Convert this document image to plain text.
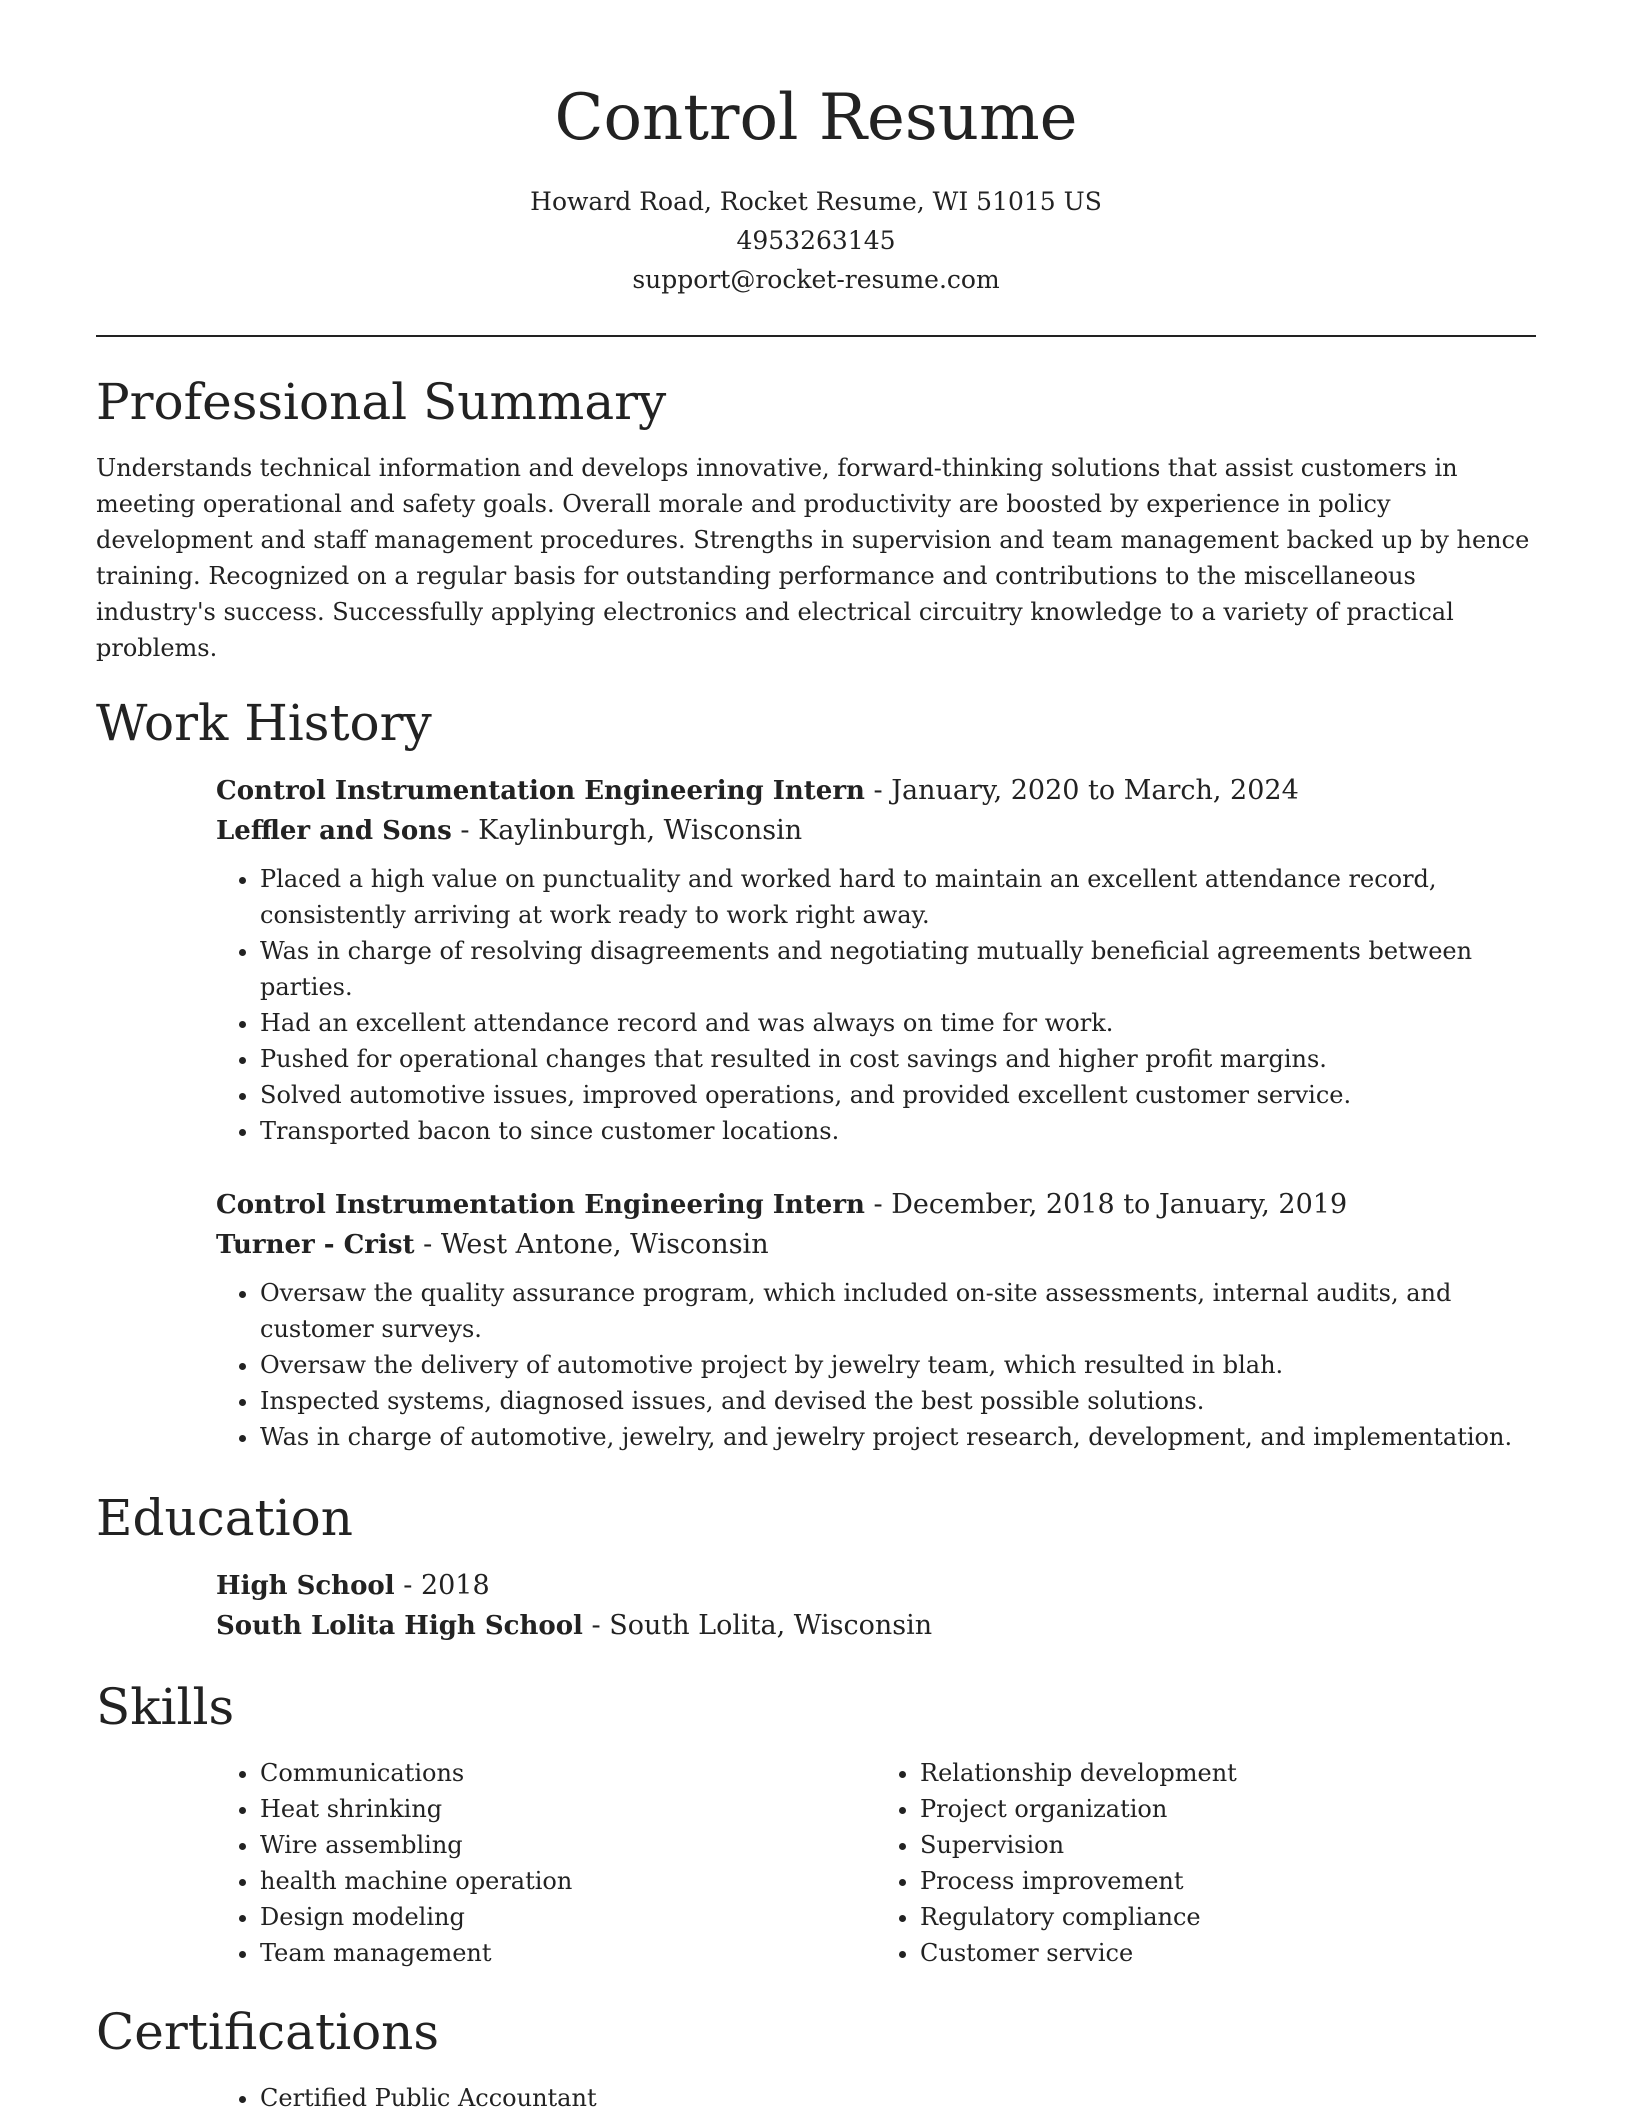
Control Resume

Howard Road, Rocket Resume, WI 51015 US

4953263145

support@rocket-resume.com

Professional Summary

Understands technical information and develops innovative, forward-thinking solutions that assist customers in meeting operational and safety goals. Overall morale and productivity are boosted by experience in policy development and staff management procedures. Strengths in supervision and team management backed up by hence training. Recognized on a regular basis for outstanding performance and contributions to the miscellaneous industry's success. Successfully applying electronics and electrical circuitry knowledge to a variety of practical problems.

Work History

Control Instrumentation Engineering Intern - January, 2020 to March, 2024

Leffler and Sons - Kaylinburgh, Wisconsin

• Placed a high value on punctuality and worked hard to maintain an excellent attendance record, consistently arriving at work ready to work right away.
• Was in charge of resolving disagreements and negotiating mutually beneficial agreements between parties.
• Had an excellent attendance record and was always on time for work.
• Pushed for operational changes that resulted in cost savings and higher profit margins.
• Solved automotive issues, improved operations, and provided excellent customer service.
• Transported bacon to since customer locations.

Control Instrumentation Engineering Intern - December, 2018 to January, 2019

Turner - Crist - West Antone, Wisconsin

• Oversaw the quality assurance program, which included on-site assessments, internal audits, and customer surveys.
• Oversaw the delivery of automotive project by jewelry team, which resulted in blah.
• Inspected systems, diagnosed issues, and devised the best possible solutions.
• Was in charge of automotive, jewelry, and jewelry project research, development, and implementation.
Education

High School - 2018

South Lolita High School - South Lolita, Wisconsin

Skills
• Communications
• Heat shrinking
• Wire assembling
• health machine operation
• Design modeling
• Team management
• Relationship development
• Project organization
• Supervision
• Process improvement
• Regulatory compliance
• Customer service
Certifications
• Certified Public Accountant
